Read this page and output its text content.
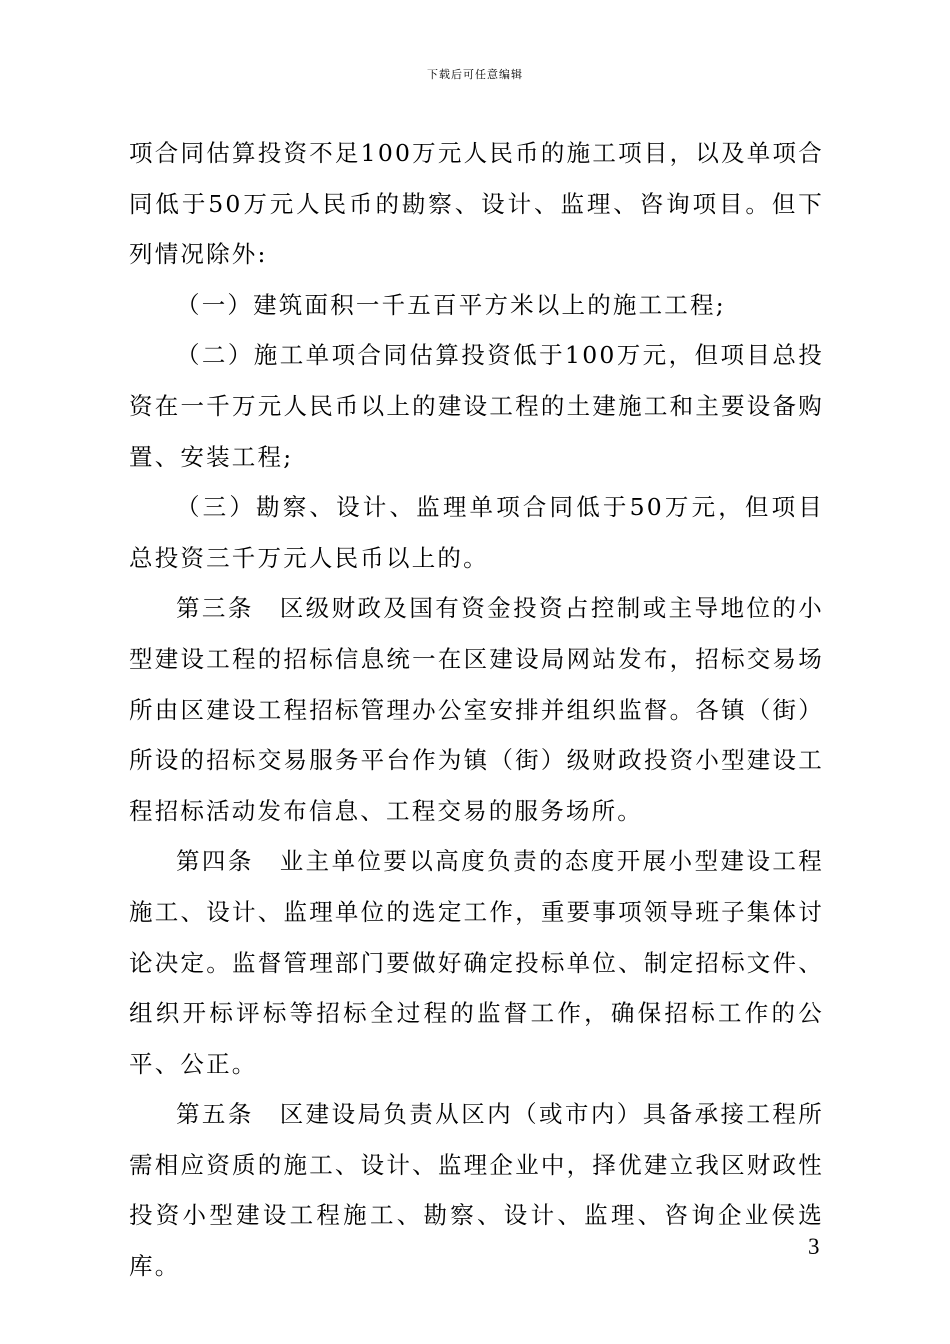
下载后可任意编辑

项合同估算投资不足100万元人民币的施工项目，以及单项合同低于50万元人民币的勘察、设计、监理、咨询项目。但下列情况除外:

（一）建筑面积一千五百平方米以上的施工工程;

（二）施工单项合同估算投资低于100万元，但项目总投资在一千万元人民币以上的建设工程的土建施工和主要设备购置、安装工程;

（三）勘察、设计、监理单项合同低于50万元，但项目总投资三千万元人民币以上的。

第三条　区级财政及国有资金投资占控制或主导地位的小型建设工程的招标信息统一在区建设局网站发布，招标交易场所由区建设工程招标管理办公室安排并组织监督。各镇（街）所设的招标交易服务平台作为镇（街）级财政投资小型建设工程招标活动发布信息、工程交易的服务场所。

第四条　业主单位要以高度负责的态度开展小型建设工程施工、设计、监理单位的选定工作，重要事项领导班子集体讨论决定。监督管理部门要做好确定投标单位、制定招标文件、组织开标评标等招标全过程的监督工作，确保招标工作的公平、公正。

第五条　区建设局负责从区内（或市内）具备承接工程所需相应资质的施工、设计、监理企业中，择优建立我区财政性投资小型建设工程施工、勘察、设计、监理、咨询企业侯选库。

3
